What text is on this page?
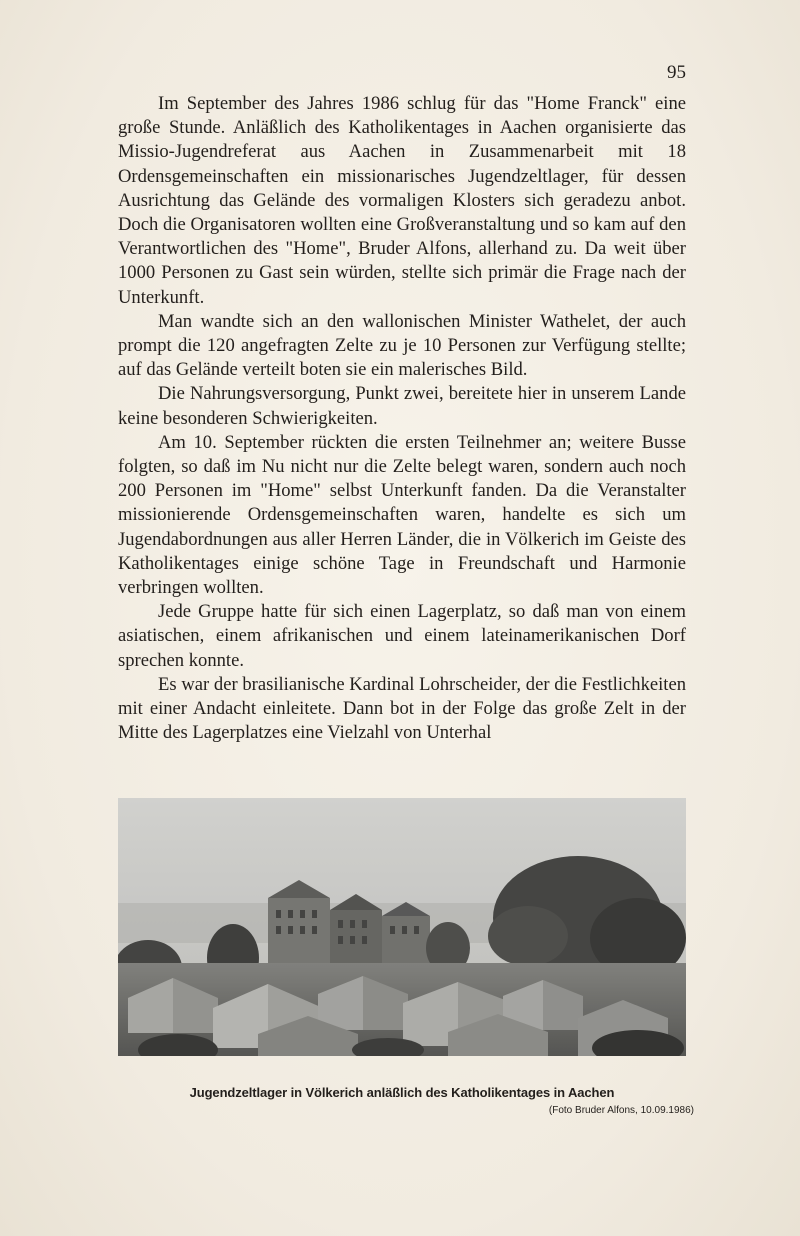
95

Im September des Jahres 1986 schlug für das "Home Franck" eine große Stunde. Anläßlich des Katholikentages in Aachen organisierte das Missio-Jugendreferat aus Aachen in Zusammenarbeit mit 18 Ordensgemeinschaften ein missionarisches Jugendzeltlager, für dessen Ausrichtung das Gelände des vormaligen Klosters sich geradezu anbot. Doch die Organisatoren wollten eine Großveranstaltung und so kam auf den Verantwortlichen des "Home", Bruder Alfons, allerhand zu. Da weit über 1000 Personen zu Gast sein würden, stellte sich primär die Frage nach der Unterkunft.

Man wandte sich an den wallonischen Minister Wathelet, der auch prompt die 120 angefragten Zelte zu je 10 Personen zur Verfügung stellte; auf das Gelände verteilt boten sie ein malerisches Bild.

Die Nahrungsversorgung, Punkt zwei, bereitete hier in unserem Lande keine besonderen Schwierigkeiten.

Am 10. September rückten die ersten Teilnehmer an; weitere Busse folgten, so daß im Nu nicht nur die Zelte belegt waren, sondern auch noch 200 Personen im "Home" selbst Unterkunft fanden. Da die Veranstalter missionierende Ordensgemeinschaften waren, handelte es sich um Jugendabordnungen aus aller Herren Länder, die in Völkerich im Geiste des Katholikentages einige schöne Tage in Freundschaft und Harmonie verbringen wollten.

Jede Gruppe hatte für sich einen Lagerplatz, so daß man von einem asiatischen, einem afrikanischen und einem lateinamerikanischen Dorf sprechen konnte.

Es war der brasilianische Kardinal Lohrscheider, der die Festlichkeiten mit einer Andacht einleitete. Dann bot in der Folge das große Zelt in der Mitte des Lagerplatzes eine Vielzahl von Unterhal

Jugendzeltlager in Völkerich anläßlich des Katholikentages in Aachen
(Foto Bruder Alfons, 10.09.1986)
